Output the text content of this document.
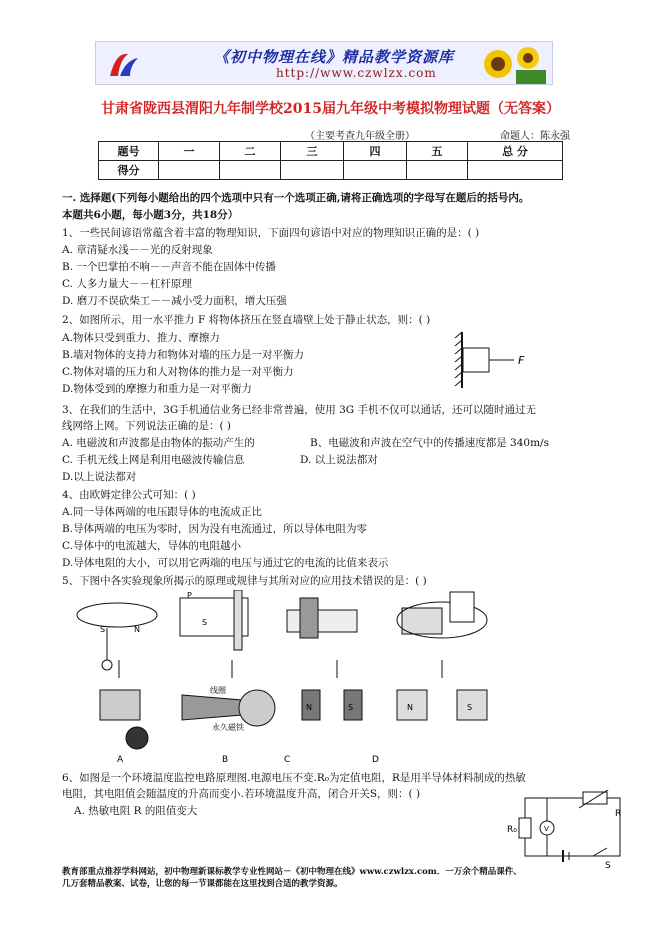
《初中物理在线》精品教学资源库
http://www.czwlzx.com
甘肃省陇西县渭阳九年制学校2015届九年级中考模拟物理试题（无答案）
（主要考查九年级全册）	命题人：陈永强
题号	一	二	三	四	五	总 分
得分						
一. 选择题(下列每小题给出的四个选项中只有一个选项正确,请将正确选项的字母写在题后的括号内。
本题共6小题，每小题3分，共18分）
1、一些民间谚语常蕴含着丰富的物理知识，下面四句谚语中对应的物理知识正确的是：( )
A. 章清疑水浅－－光的反射现象
B. 一个巴掌拍不响－－声音不能在固体中传播
C. 人多力量大－－杠杆原理
D. 磨刀不误砍柴工－－减小受力面积，增大压强
2、如图所示，用一水平推力 F 将物体挤压在竖直墙壁上处于静止状态，则：( )
A.物体只受到重力、推力、摩擦力
B.墙对物体的支持力和物体对墙的压力是一对平衡力
C.物体对墙的压力和人对物体的推力是一对平衡力
D.物体受到的摩擦力和重力是一对平衡力
F
3、在我们的生活中，3G手机通信业务已经非常普遍，使用 3G 手机不仅可以通话，还可以随时通过无
线网络上网。下列说法正确的是：( )
A. 电磁波和声波都是由物体的振动产生的	B、电磁波和声波在空气中的传播速度都是 340m/s
C. 手机无线上网是利用电磁波传输信息	D. 以上说法都对
D.以上说法都对
4、由欧姆定律公式可知：( )
A.同一导体两端的电压跟导体的电流成正比
B.导体两端的电压为零时，因为没有电流通过，所以导体电阻为零
C.导体中的电流越大，导体的电阻越小
D.导体电阻的大小，可以用它两端的电压与通过它的电流的比值来表示
5、下图中各实验现象所揭示的原理或规律与其所对应的应用技术错误的是：( )
S	N
P
S
线圈
永久磁铁
N	S	N	S
A	B	C	D
6、如图是一个环境温度监控电路原理图.电源电压不变.R₀为定值电阻，R是用半导体材料制成的热敏
电阻，其电阻值会随温度的升高而变小.若环境温度升高，闭合开关S，则：( )
A. 热敏电阻 R 的阻值变大	R
R₀	V
S
教育部重点推荐学科网站，初中物理新课标教学专业性网站－《初中物理在线》www.czwlzx.com．一万余个精品课件、
几万套精品教案、试卷，让您的每一节课都能在这里找到合适的教学资源。
